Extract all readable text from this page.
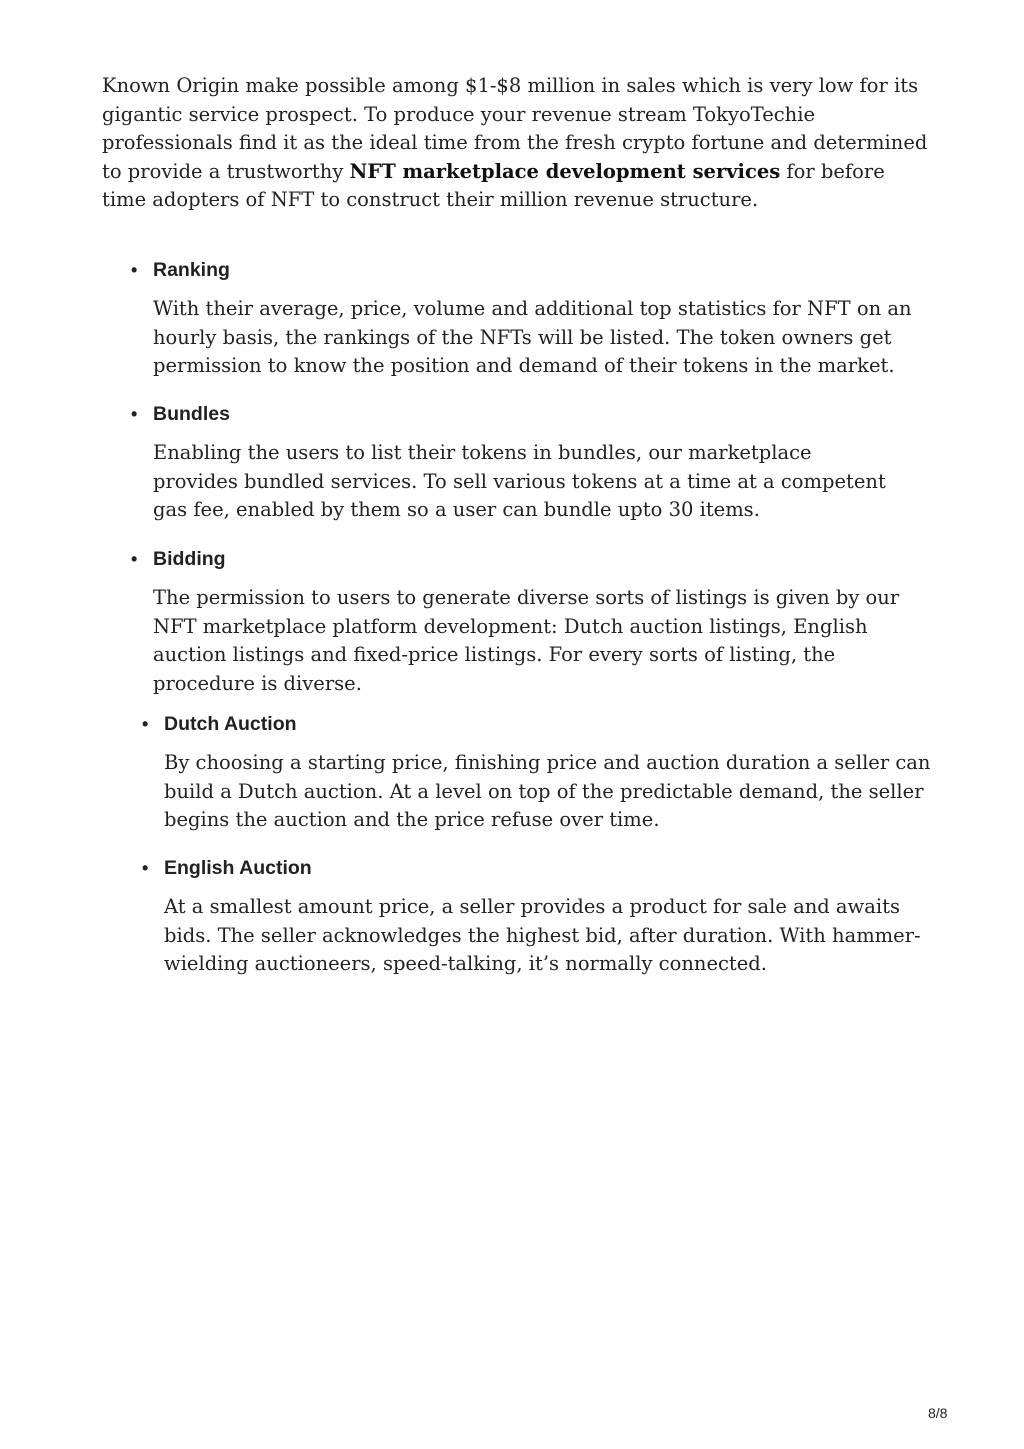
Known Origin make possible among $1-$8 million in sales which is very low for its gigantic service prospect. To produce your revenue stream TokyoTechie professionals find it as the ideal time from the fresh crypto fortune and determined to provide a trustworthy NFT marketplace development services for before time adopters of NFT to construct their million revenue structure.

• Ranking

With their average, price, volume and additional top statistics for NFT on an hourly basis, the rankings of the NFTs will be listed. The token owners get permission to know the position and demand of their tokens in the market.

• Bundles

Enabling the users to list their tokens in bundles, our marketplace provides bundled services. To sell various tokens at a time at a competent gas fee, enabled by them so a user can bundle upto 30 items.

• Bidding

The permission to users to generate diverse sorts of listings is given by our NFT marketplace platform development: Dutch auction listings, English auction listings and fixed-price listings. For every sorts of listing, the procedure is diverse.

• Dutch Auction

By choosing a starting price, finishing price and auction duration a seller can build a Dutch auction. At a level on top of the predictable demand, the seller begins the auction and the price refuse over time.

• English Auction

At a smallest amount price, a seller provides a product for sale and awaits bids. The seller acknowledges the highest bid, after duration. With hammer-wielding auctioneers, speed-talking, it’s normally connected.

8/8
